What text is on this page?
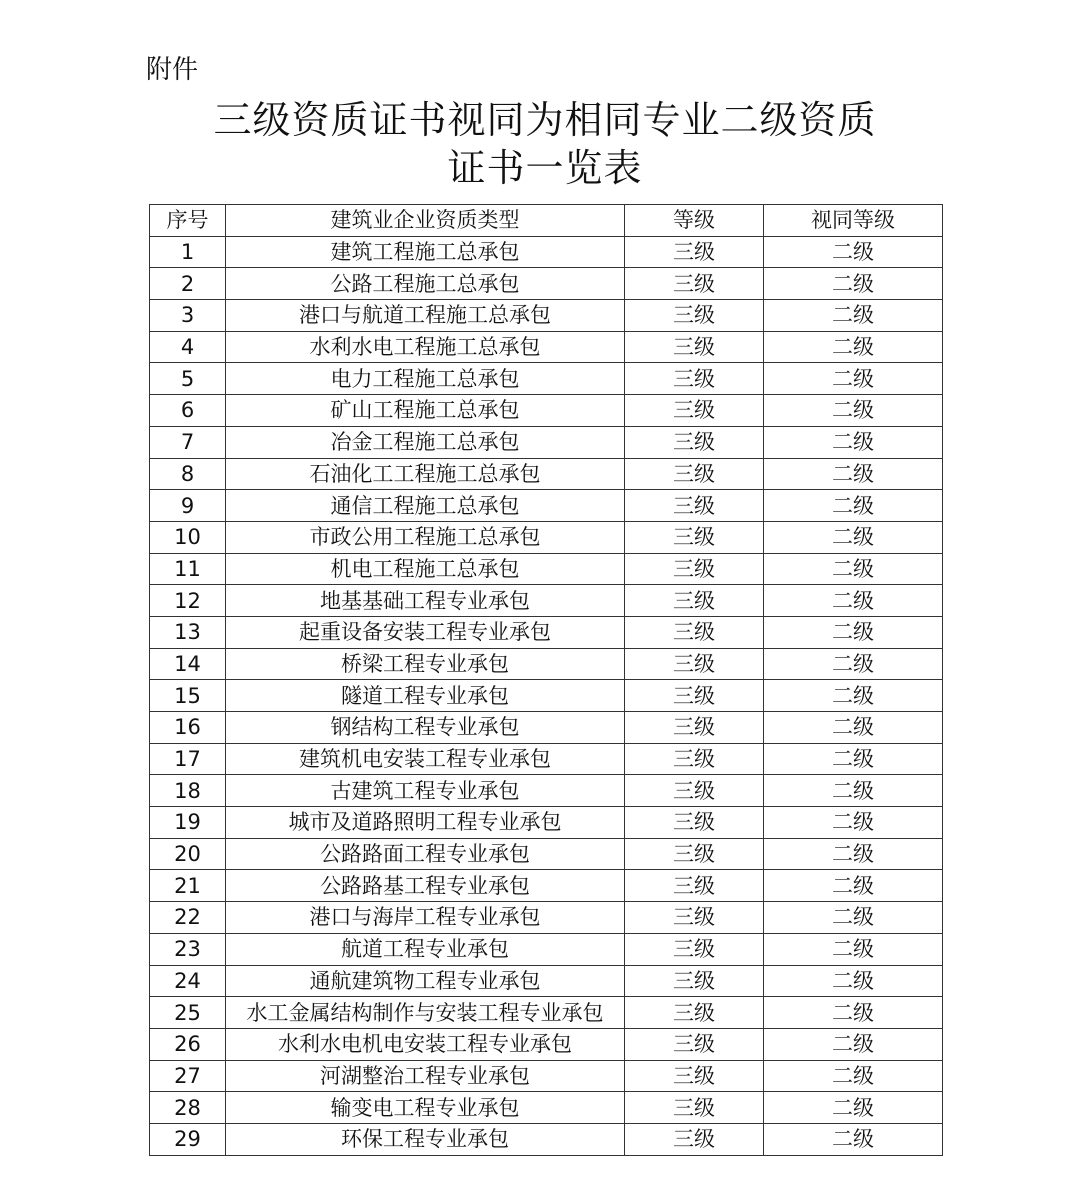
附件

三级资质证书视同为相同专业二级资质
证书一览表
序号	建筑业企业资质类型	等级	视同等级
1	建筑工程施工总承包	三级	二级
2	公路工程施工总承包	三级	二级
3	港口与航道工程施工总承包	三级	二级
4	水利水电工程施工总承包	三级	二级
5	电力工程施工总承包	三级	二级
6	矿山工程施工总承包	三级	二级
7	冶金工程施工总承包	三级	二级
8	石油化工工程施工总承包	三级	二级
9	通信工程施工总承包	三级	二级
10	市政公用工程施工总承包	三级	二级
11	机电工程施工总承包	三级	二级
12	地基基础工程专业承包	三级	二级
13	起重设备安装工程专业承包	三级	二级
14	桥梁工程专业承包	三级	二级
15	隧道工程专业承包	三级	二级
16	钢结构工程专业承包	三级	二级
17	建筑机电安装工程专业承包	三级	二级
18	古建筑工程专业承包	三级	二级
19	城市及道路照明工程专业承包	三级	二级
20	公路路面工程专业承包	三级	二级
21	公路路基工程专业承包	三级	二级
22	港口与海岸工程专业承包	三级	二级
23	航道工程专业承包	三级	二级
24	通航建筑物工程专业承包	三级	二级
25	水工金属结构制作与安装工程专业承包	三级	二级
26	水利水电机电安装工程专业承包	三级	二级
27	河湖整治工程专业承包	三级	二级
28	输变电工程专业承包	三级	二级
29	环保工程专业承包	三级	二级
